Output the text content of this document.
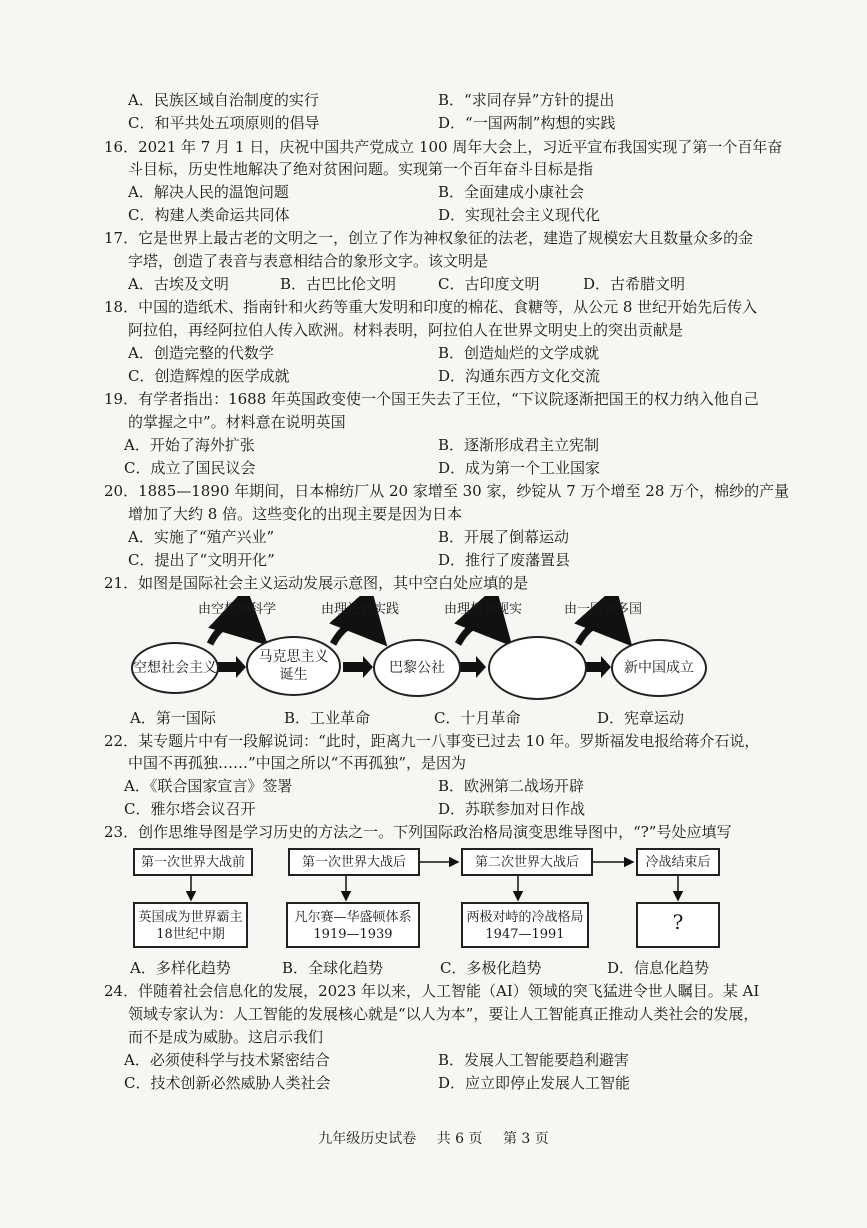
A．民族区域自治制度的实行	B．“求同存异”方针的提出
C．和平共处五项原则的倡导	D．“一国两制”构想的实践
16．2021 年 7 月 1 日，庆祝中国共产党成立 100 周年大会上，习近平宣布我国实现了第一个百年奋
斗目标，历史性地解决了绝对贫困问题。实现第一个百年奋斗目标是指
A．解决人民的温饱问题	B．全面建成小康社会
C．构建人类命运共同体	D．实现社会主义现代化
17．它是世界上最古老的文明之一，创立了作为神权象征的法老，建造了规模宏大且数量众多的金
字塔，创造了表音与表意相结合的象形文字。该文明是
A．古埃及文明	B．古巴比伦文明	C．古印度文明	D．古希腊文明
18．中国的造纸术、指南针和火药等重大发明和印度的棉花、食糖等，从公元 8 世纪开始先后传入
阿拉伯，再经阿拉伯人传入欧洲。材料表明，阿拉伯人在世界文明史上的突出贡献是
A．创造完整的代数学	B．创造灿烂的文学成就
C．创造辉煌的医学成就	D．沟通东西方文化交流
19．有学者指出：1688 年英国政变使一个国王失去了王位，“下议院逐渐把国王的权力纳入他自己
的掌握之中”。材料意在说明英国
A．开始了海外扩张	B．逐渐形成君主立宪制
C．成立了国民议会	D．成为第一个工业国家
20．1885—1890 年期间，日本棉纺厂从 20 家增至 30 家，纱锭从 7 万个增至 28 万个，棉纱的产量
增加了大约 8 倍。这些变化的出现主要是因为日本
A．实施了“殖产兴业”	B．开展了倒幕运动
C．提出了“文明开化”	D．推行了废藩置县
21．如图是国际社会主义运动发展示意图，其中空白处应填的是
由空想到科学	由理论到实践	由理想到现实	由一国到多国
空想社会主义
马克思主义诞生	巴黎公社	新中国成立
A．第一国际	B．工业革命	C．十月革命	D．宪章运动
22．某专题片中有一段解说词：“此时，距离九一八事变已过去 10 年。罗斯福发电报给蒋介石说，
中国不再孤独……”中国之所以“不再孤独”，是因为
A．《联合国家宣言》签署	B．欧洲第二战场开辟
C．雅尔塔会议召开	D．苏联参加对日作战
23．创作思维导图是学习历史的方法之一。下列国际政治格局演变思维导图中，“?”号处应填写
第一次世界大战前	第一次世界大战后	第二次世界大战后	冷战结束后
英国成为世界霸主
18世纪中期
凡尔赛—华盛顿体系
1919—1939
两极对峙的冷战格局
1947—1991
?
A．多样化趋势	B．全球化趋势	C．多极化趋势	D．信息化趋势
24．伴随着社会信息化的发展，2023 年以来，人工智能（AI）领域的突飞猛进令世人瞩目。某 AI
领域专家认为：人工智能的发展核心就是“以人为本”，要让人工智能真正推动人类社会的发展，
而不是成为威胁。这启示我们
A．必须使科学与技术紧密结合	B．发展人工智能要趋利避害
C．技术创新必然威胁人类社会	D．应立即停止发展人工智能
九年级历史试卷 共 6 页 第 3 页
